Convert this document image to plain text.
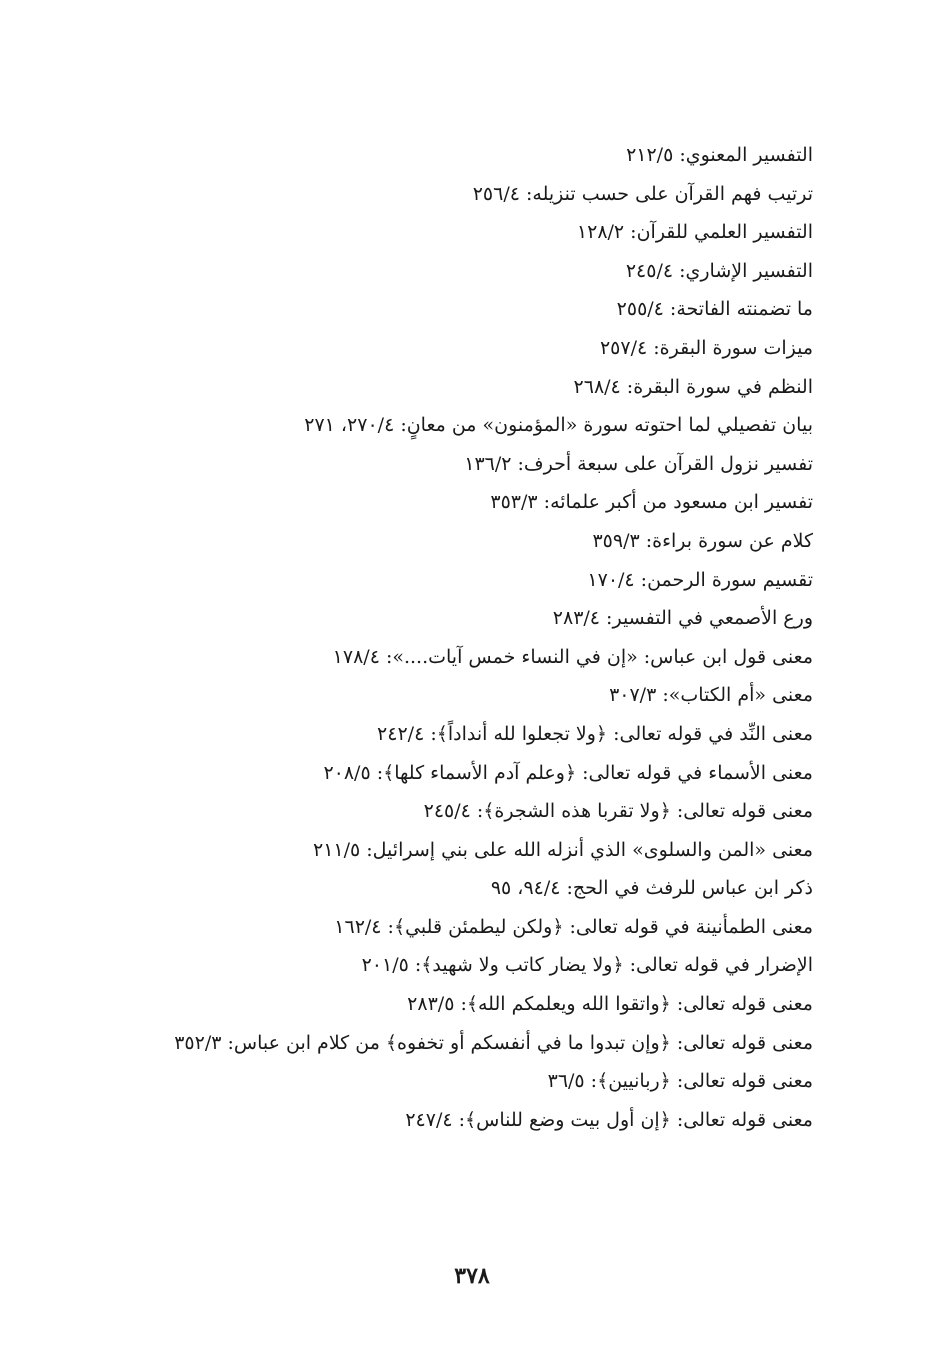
التفسير المعنوي: ٢١٢/٥
ترتيب فهم القرآن على حسب تنزيله: ٢٥٦/٤
التفسير العلمي للقرآن: ١٢٨/٢
التفسير الإشاري: ٢٤٥/٤
ما تضمنته الفاتحة: ٢٥٥/٤
ميزات سورة البقرة: ٢٥٧/٤
النظم في سورة البقرة: ٢٦٨/٤
بيان تفصيلي لما احتوته سورة «المؤمنون» من معانٍ: ٢٧٠/٤، ٢٧١
تفسير نزول القرآن على سبعة أحرف: ١٣٦/٢
تفسير ابن مسعود من أكبر علمائه: ٣٥٣/٣
كلام عن سورة براءة: ٣٥٩/٣
تقسيم سورة الرحمن: ١٧٠/٤
ورع الأصمعي في التفسير: ٢٨٣/٤
معنى قول ابن عباس: «إن في النساء خمس آيات....»: ١٧٨/٤
معنى «أم الكتاب»: ٣٠٧/٣
معنى النِّد في قوله تعالى: ﴿ولا تجعلوا لله أنداداً﴾: ٢٤٢/٤
معنى الأسماء في قوله تعالى: ﴿وعلم آدم الأسماء كلها﴾: ٢٠٨/٥
معنى قوله تعالى: ﴿ولا تقربا هذه الشجرة﴾: ٢٤٥/٤
معنى «المن والسلوى» الذي أنزله الله على بني إسرائيل: ٢١١/٥
ذكر ابن عباس للرفث في الحج: ٩٤/٤، ٩٥
معنى الطمأنينة في قوله تعالى: ﴿ولكن ليطمئن قلبي﴾: ١٦٢/٤
الإضرار في قوله تعالى: ﴿ولا يضار كاتب ولا شهيد﴾: ٢٠١/٥
معنى قوله تعالى: ﴿واتقوا الله ويعلمكم الله﴾: ٢٨٣/٥
معنى قوله تعالى: ﴿وإن تبدوا ما في أنفسكم أو تخفوه﴾ من كلام ابن عباس: ٣٥٢/٣
معنى قوله تعالى: ﴿ربانيين﴾: ٣٦/٥
معنى قوله تعالى: ﴿إن أول بيت وضع للناس﴾: ٢٤٧/٤
٣٧٨
